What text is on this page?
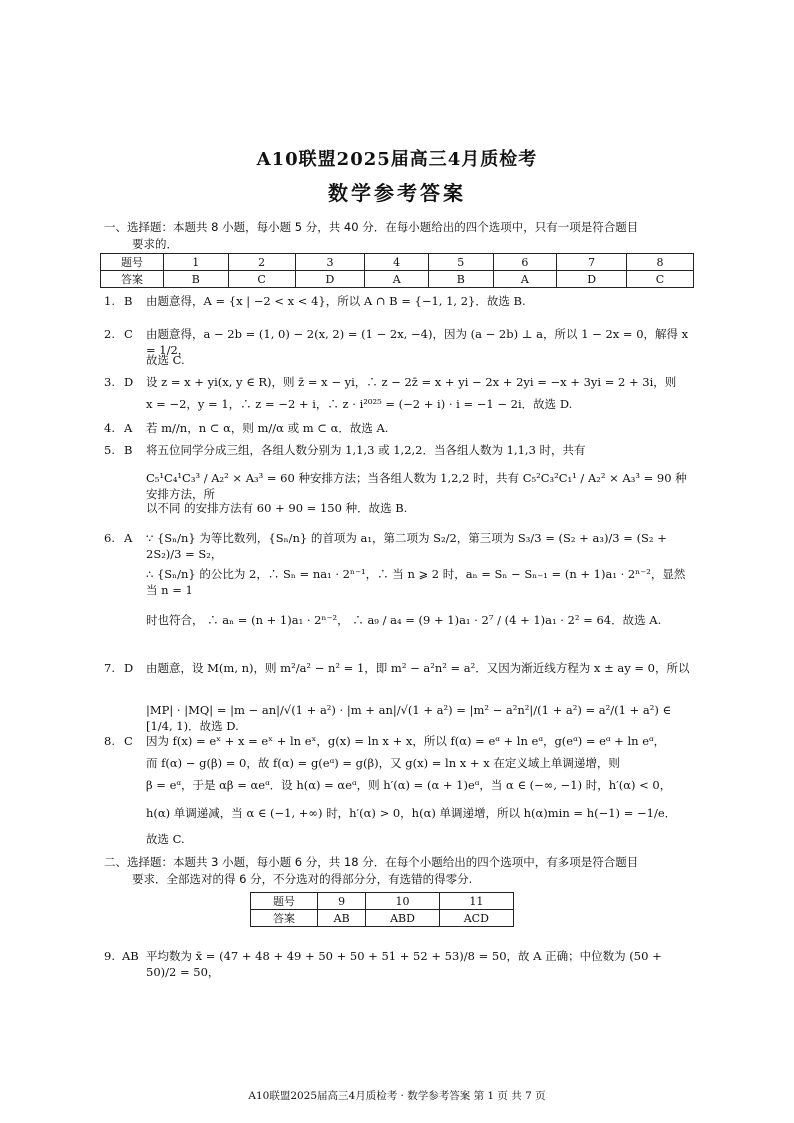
A10联盟2025届高三4月质检考
数学参考答案
一、选择题：本题共 8 小题，每小题 5 分，共 40 分．在每小题给出的四个选项中，只有一项是符合题目

要求的．
题号	1	2	3	4	5	6	7	8
答案	B	C	D	A	B	A	D	C
1. B	由题意得，A = {x | −2 < x < 4}，所以 A ∩ B = {−1, 1, 2}．故选 B.
2. C	由题意得，a − 2b = (1, 0) − 2(x, 2) = (1 − 2x, −4)，因为 (a − 2b) ⊥ a，所以 1 − 2x = 0，解得 x = 1/2，
故选 C.
3. D	设 z = x + yi(x, y ∈ R)，则 z̄ = x − yi，∴ z − 2z̄ = x + yi − 2x + 2yi = −x + 3yi = 2 + 3i，则
x = −2，y = 1，∴ z = −2 + i，∴ z · i²⁰²⁵ = (−2 + i) · i = −1 − 2i．故选 D.
4. A	若 m//n，n ⊂ α，则 m//α 或 m ⊂ α．故选 A.
5. B	将五位同学分成三组，各组人数分别为 1,1,3 或 1,2,2．当各组人数为 1,1,3 时，共有
C₅¹C₄¹C₃³ / A₂² × A₃³ = 60 种安排方法；当各组人数为 1,2,2 时，共有 C₅²C₃²C₁¹ / A₂² × A₃³ = 90 种安排方法，所
以不同 的安排方法有 60 + 90 = 150 种．故选 B.
6. A	∵ {Sₙ/n} 为等比数列，{Sₙ/n} 的首项为 a₁，第二项为 S₂/2，第三项为 S₃/3 = (S₂ + a₃)/3 = (S₂ + 2S₂)/3 = S₂，
∴ {Sₙ/n} 的公比为 2，∴ Sₙ = na₁ · 2ⁿ⁻¹，∴ 当 n ⩾ 2 时，aₙ = Sₙ − Sₙ₋₁ = (n + 1)a₁ · 2ⁿ⁻²，显然当 n = 1
时也符合， ∴ aₙ = (n + 1)a₁ · 2ⁿ⁻²， ∴ a₉ / a₄ = (9 + 1)a₁ · 2⁷ / (4 + 1)a₁ · 2² = 64．故选 A.
7. D	由题意，设 M(m, n)，则 m²/a² − n² = 1，即 m² − a²n² = a²．又因为渐近线方程为 x ± ay = 0，所以
|MP| · |MQ| = |m − an|/√(1 + a²) · |m + an|/√(1 + a²) = |m² − a²n²|/(1 + a²) = a²/(1 + a²) ∈ [1/4, 1)．故选 D.
8. C	因为 f(x) = eˣ + x = eˣ + ln eˣ，g(x) = ln x + x，所以 f(α) = eᵅ + ln eᵅ，g(eᵅ) = eᵅ + ln eᵅ，
而 f(α) − g(β) = 0，故 f(α) = g(eᵅ) = g(β)，又 g(x) = ln x + x 在定义域上单调递增，则
β = eᵅ，于是 αβ = αeᵅ．设 h(α) = αeᵅ，则 h′(α) = (α + 1)eᵅ，当 α ∈ (−∞, −1) 时，h′(α) < 0，
h(α) 单调递减，当 α ∈ (−1, +∞) 时，h′(α) > 0，h(α) 单调递增，所以 h(α)min = h(−1) = −1/e．
故选 C.
二、选择题：本题共 3 小题，每小题 6 分，共 18 分．在每个小题给出的四个选项中，有多项是符合题目

要求．全部选对的得 6 分，不分选对的得部分分，有选错的得零分.
题号	9	10	11
答案	AB	ABD	ACD
9. AB 平均数为 x̄ = (47 + 48 + 49 + 50 + 50 + 51 + 52 + 53)/8 = 50，故 A 正确；中位数为 (50 + 50)/2 = 50，
A10联盟2025届高三4月质检考 · 数学参考答案 第 1 页 共 7 页
